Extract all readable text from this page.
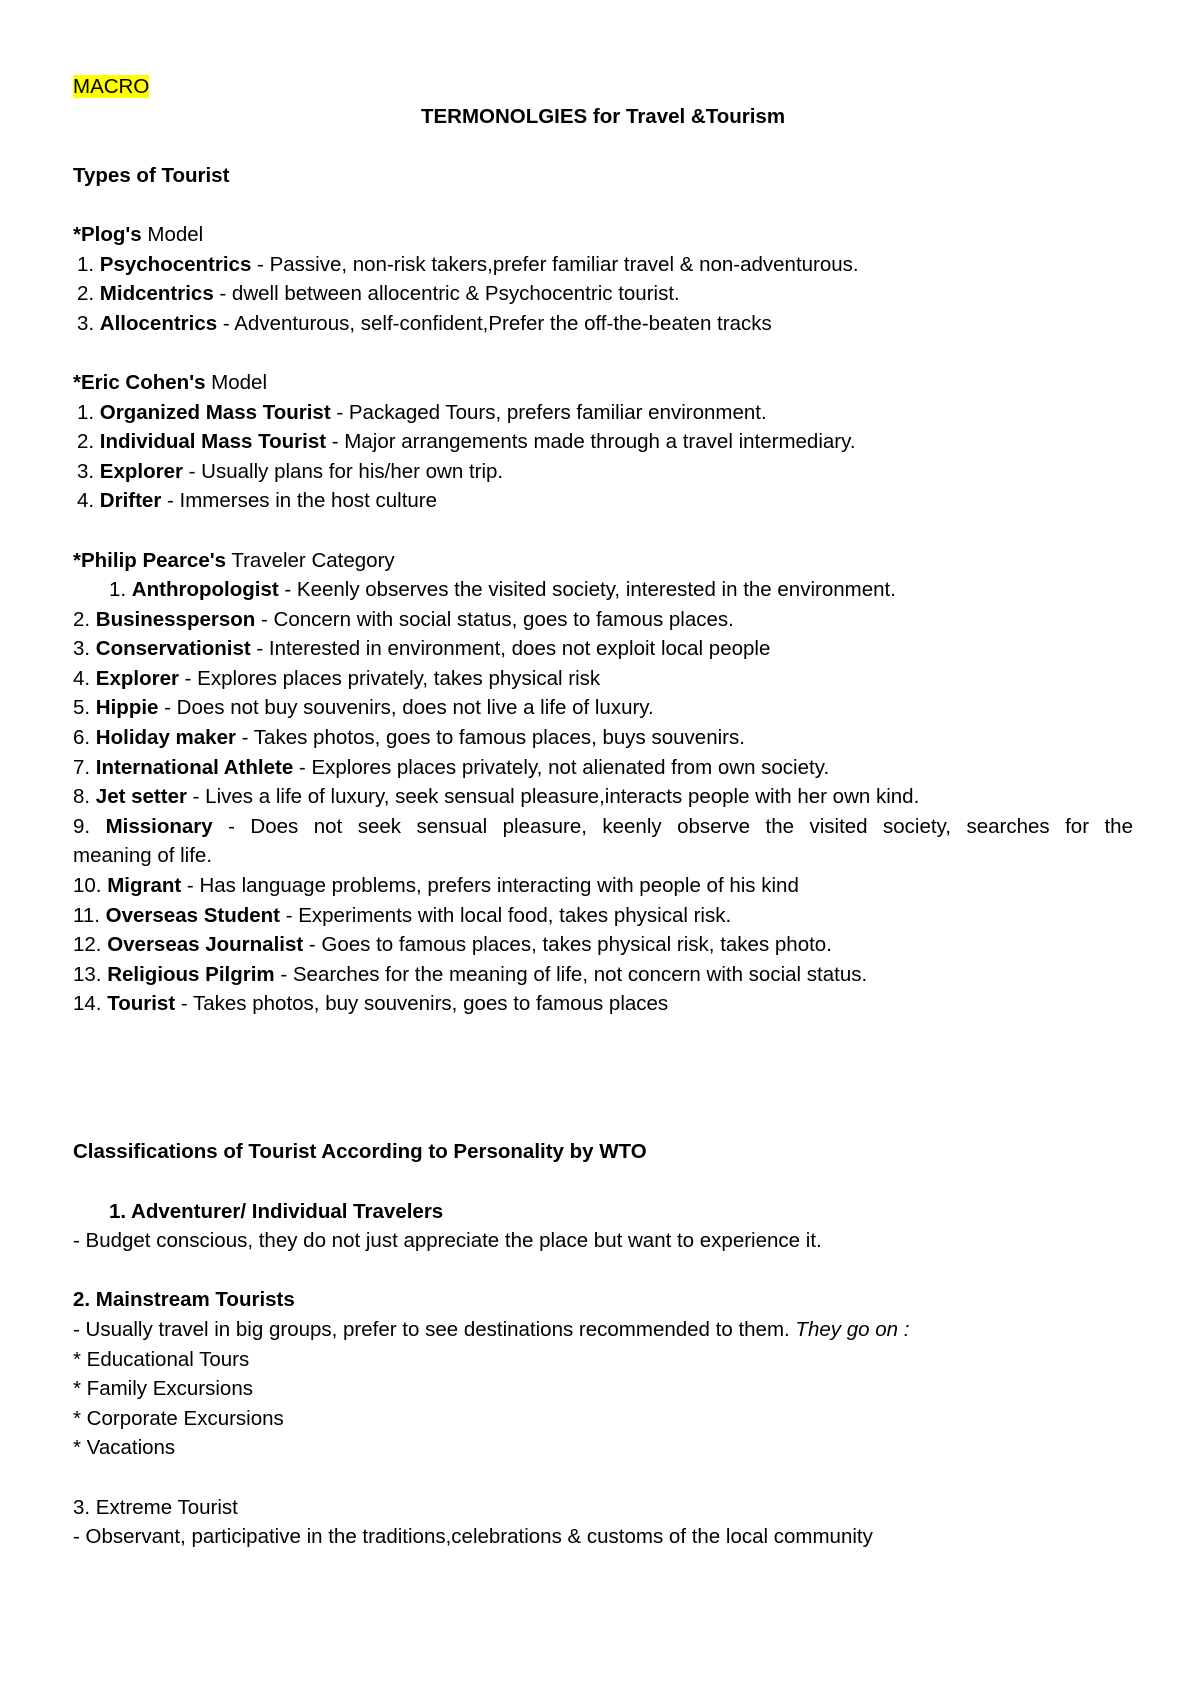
MACRO
TERMONOLGIES for Travel &Tourism
Types of Tourist
*Plog's Model
1. Psychocentrics - Passive, non-risk takers,prefer familiar travel & non-adventurous.
2. Midcentrics - dwell between allocentric & Psychocentric tourist.
3. Allocentrics - Adventurous, self-confident,Prefer the off-the-beaten tracks
*Eric Cohen's Model
1. Organized Mass Tourist - Packaged Tours, prefers familiar environment.
2. Individual Mass Tourist - Major arrangements made through a travel intermediary.
3. Explorer - Usually plans for his/her own trip.
4. Drifter - Immerses in the host culture
*Philip Pearce's Traveler Category
1. Anthropologist - Keenly observes the visited society, interested in the environment.
2. Businessperson - Concern with social status, goes to famous places.
3. Conservationist - Interested in environment, does not exploit local people
4. Explorer - Explores places privately, takes physical risk
5. Hippie - Does not buy souvenirs, does not live a life of luxury.
6. Holiday maker - Takes photos, goes to famous places, buys souvenirs.
7. International Athlete - Explores places privately, not alienated from own society.
8. Jet setter - Lives a life of luxury, seek sensual pleasure,interacts people with her own kind.
9. Missionary - Does not seek sensual pleasure, keenly observe the visited society, searches for the
meaning of life.
10. Migrant - Has language problems, prefers interacting with people of his kind
11. Overseas Student - Experiments with local food, takes physical risk.
12. Overseas Journalist - Goes to famous places, takes physical risk, takes photo.
13. Religious Pilgrim - Searches for the meaning of life, not concern with social status.
14. Tourist - Takes photos, buy souvenirs, goes to famous places
Classifications of Tourist According to Personality by WTO
1. Adventurer/ Individual Travelers
- Budget conscious, they do not just appreciate the place but want to experience it.
2. Mainstream Tourists
- Usually travel in big groups, prefer to see destinations recommended to them. They go on :
* Educational Tours
* Family Excursions
* Corporate Excursions
* Vacations
3. Extreme Tourist
- Observant, participative in the traditions,celebrations & customs of the local community
